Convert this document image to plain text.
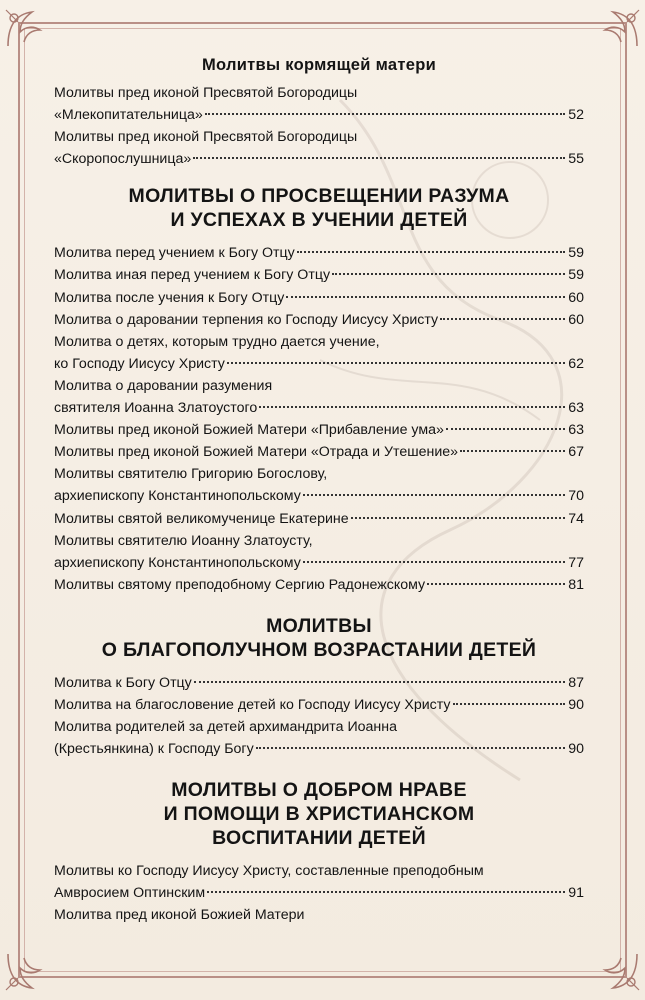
Молитвы кормящей матери
Молитвы пред иконой Пресвятой Богородицы
«Млекопитательница»	52
Молитвы пред иконой Пресвятой Богородицы
«Скоропослушница»	55
МОЛИТВЫ О ПРОСВЕЩЕНИИ РАЗУМА
И УСПЕХАХ В УЧЕНИИ ДЕТЕЙ
Молитва перед учением к Богу Отцу	59
Молитва иная перед учением к Богу Отцу	59
Молитва после учения к Богу Отцу	60
Молитва о даровании терпения ко Господу Иисусу Христу	60
Молитва о детях, которым трудно дается учение,
ко Господу Иисусу Христу	62
Молитва о даровании разумения
святителя Иоанна Златоустого	63
Молитвы пред иконой Божией Матери «Прибавление ума»	63
Молитвы пред иконой Божией Матери «Отрада и Утешение»	67
Молитвы святителю Григорию Богослову,
архиепископу Константинопольскому	70
Молитвы святой великомученице Екатерине	74
Молитвы святителю Иоанну Златоусту,
архиепископу Константинопольскому	77
Молитвы святому преподобному Сергию Радонежскому	81
МОЛИТВЫ
О БЛАГОПОЛУЧНОМ ВОЗРАСТАНИИ ДЕТЕЙ
Молитва к Богу Отцу	87
Молитва на благословение детей ко Господу Иисусу Христу	90
Молитва родителей за детей архимандрита Иоанна
(Крестьянкина) к Господу Богу	90
МОЛИТВЫ О ДОБРОМ НРАВЕ
И ПОМОЩИ В ХРИСТИАНСКОМ
ВОСПИТАНИИ ДЕТЕЙ
Молитвы ко Господу Иисусу Христу, составленные преподобным
Амвросием Оптинским	91
Молитва пред иконой Божией Матери
